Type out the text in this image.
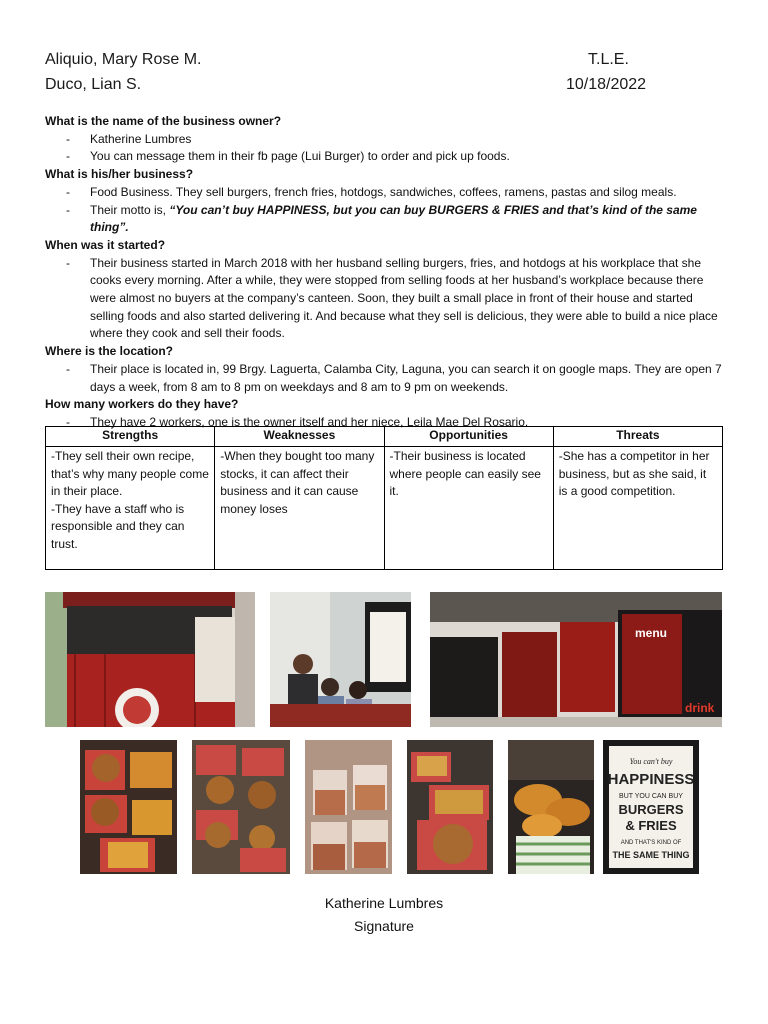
Aliquio, Mary Rose M.
Duco, Lian S.
T.L.E.
10/18/2022

What is the name of the business owner?

- Katherine Lumbres
- You can message them in their fb page (Lui Burger) to order and pick up foods.

What is his/her business?

- Food Business. They sell burgers, french fries, hotdogs, sandwiches, coffees, ramens, pastas and silog meals.
- Their motto is, “You can’t buy HAPPINESS, but you can buy BURGERS & FRIES and that’s kind of the same thing”.

When was it started?

- Their business started in March 2018 with her husband selling burgers, fries, and hotdogs at his workplace that she cooks every morning. After a while, they were stopped from selling foods at her husband’s workplace because there were almost no buyers at the company’s canteen. Soon, they built a small place in front of their house and started selling foods and also started delivering it. And because what they sell is delicious, they were able to build a nice place where they cook and sell their foods.

Where is the location?

- Their place is located in, 99 Brgy. Laguerta, Calamba City, Laguna, you can search it on google maps. They are open 7 days a week, from 8 am to 8 pm on weekdays and 8 am to 9 pm on weekends.

How many workers do they have?

- They have 2 workers, one is the owner itself and her niece, Leila Mae Del Rosario.
Strengths	Weaknesses	Opportunities	Threats
-They sell their own recipe, that’s why many people come in their place.
-They have a staff who is responsible and they can trust.	-When they bought too many stocks, it can affect their business and it can cause money loses	-Their business is located where people can easily see it.	-She has a competitor in her business, but as she said, it is a good competition.
menu
drink
You can't buy
HAPPINESS
BUT YOU CAN BUY
BURGERS
& FRIES
AND THAT'S KIND OF
THE SAME THING
Katherine Lumbres
Signature
